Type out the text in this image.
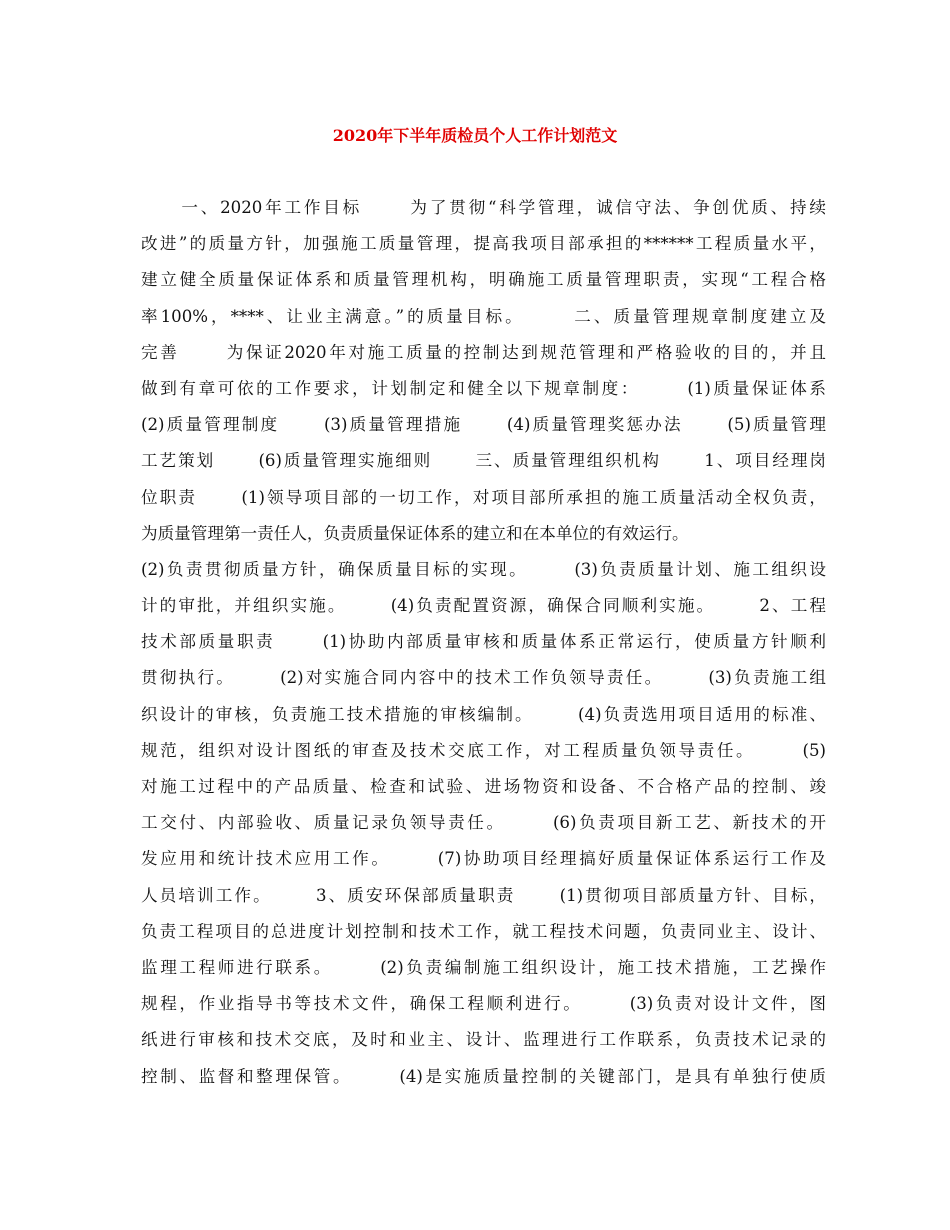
2020年下半年质检员个人工作计划范文
一、2020年工作目标      为了贯彻“科学管理，诚信守法、争创优质、持续
改进”的质量方针，加强施工质量管理，提高我项目部承担的******工程质量水平，
建立健全质量保证体系和质量管理机构，明确施工质量管理职责，实现“工程合格
率100%，****、让业主满意。”的质量目标。      二、质量管理规章制度建立及
完善      为保证2020年对施工质量的控制达到规范管理和严格验收的目的，并且
做到有章可依的工作要求，计划制定和健全以下规章制度：      (1)质量保证体系
(2)质量管理制度      (3)质量管理措施      (4)质量管理奖惩办法      (5)质量管理
工艺策划      (6)质量管理实施细则      三、质量管理组织机构      1、项目经理岗
位职责      (1)领导项目部的一切工作，对项目部所承担的施工质量活动全权负责，
为质量管理第一责任人，负责质量保证体系的建立和在本单位的有效运行。
(2)负责贯彻质量方针，确保质量目标的实现。      (3)负责质量计划、施工组织设
计的审批，并组织实施。      (4)负责配置资源，确保合同顺利实施。      2、工程
技术部质量职责      (1)协助内部质量审核和质量体系正常运行，使质量方针顺利
贯彻执行。      (2)对实施合同内容中的技术工作负领导责任。      (3)负责施工组
织设计的审核，负责施工技术措施的审核编制。      (4)负责选用项目适用的标准、
规范，组织对设计图纸的审查及技术交底工作，对工程质量负领导责任。      (5)
对施工过程中的产品质量、检查和试验、进场物资和设备、不合格产品的控制、竣
工交付、内部验收、质量记录负领导责任。      (6)负责项目新工艺、新技术的开
发应用和统计技术应用工作。      (7)协助项目经理搞好质量保证体系运行工作及
人员培训工作。      3、质安环保部质量职责      (1)贯彻项目部质量方针、目标，
负责工程项目的总进度计划控制和技术工作，就工程技术问题，负责同业主、设计、
监理工程师进行联系。      (2)负责编制施工组织设计，施工技术措施，工艺操作
规程，作业指导书等技术文件，确保工程顺利进行。      (3)负责对设计文件，图
纸进行审核和技术交底，及时和业主、设计、监理进行工作联系，负责技术记录的
控制、监督和整理保管。      (4)是实施质量控制的关键部门，是具有单独行使质
